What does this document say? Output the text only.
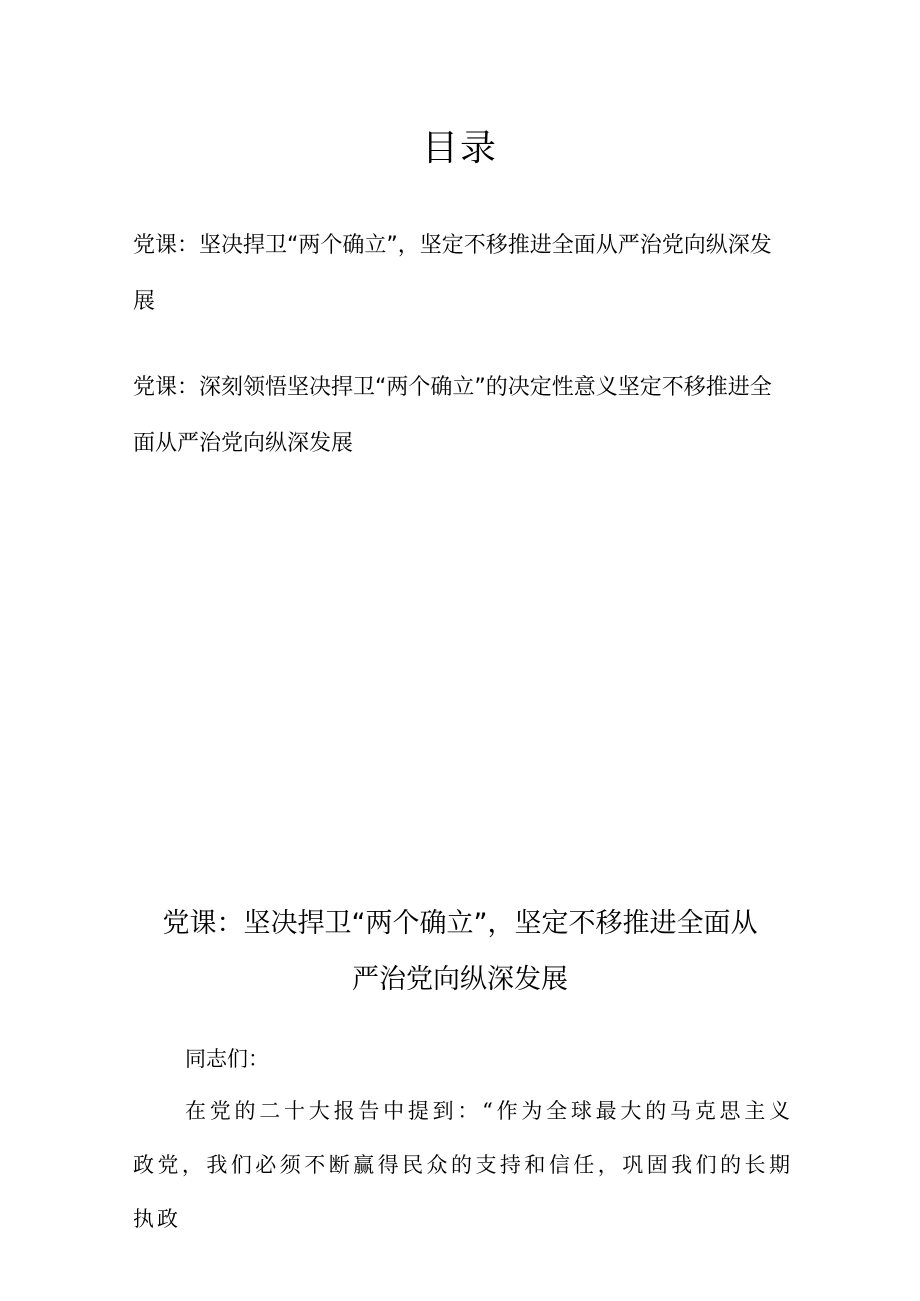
目录
党课：坚决捍卫“两个确立”，坚定不移推进全面从严治党向纵深发展
党课：深刻领悟坚决捍卫“两个确立”的决定性意义坚定不移推进全面从严治党向纵深发展
党课：坚决捍卫“两个确立”，坚定不移推进全面从严治党向纵深发展
同志们：
在党的二十大报告中提到：“作为全球最大的马克思主义政党，我们必须不断赢得民众的支持和信任，巩固我们的长期执政
